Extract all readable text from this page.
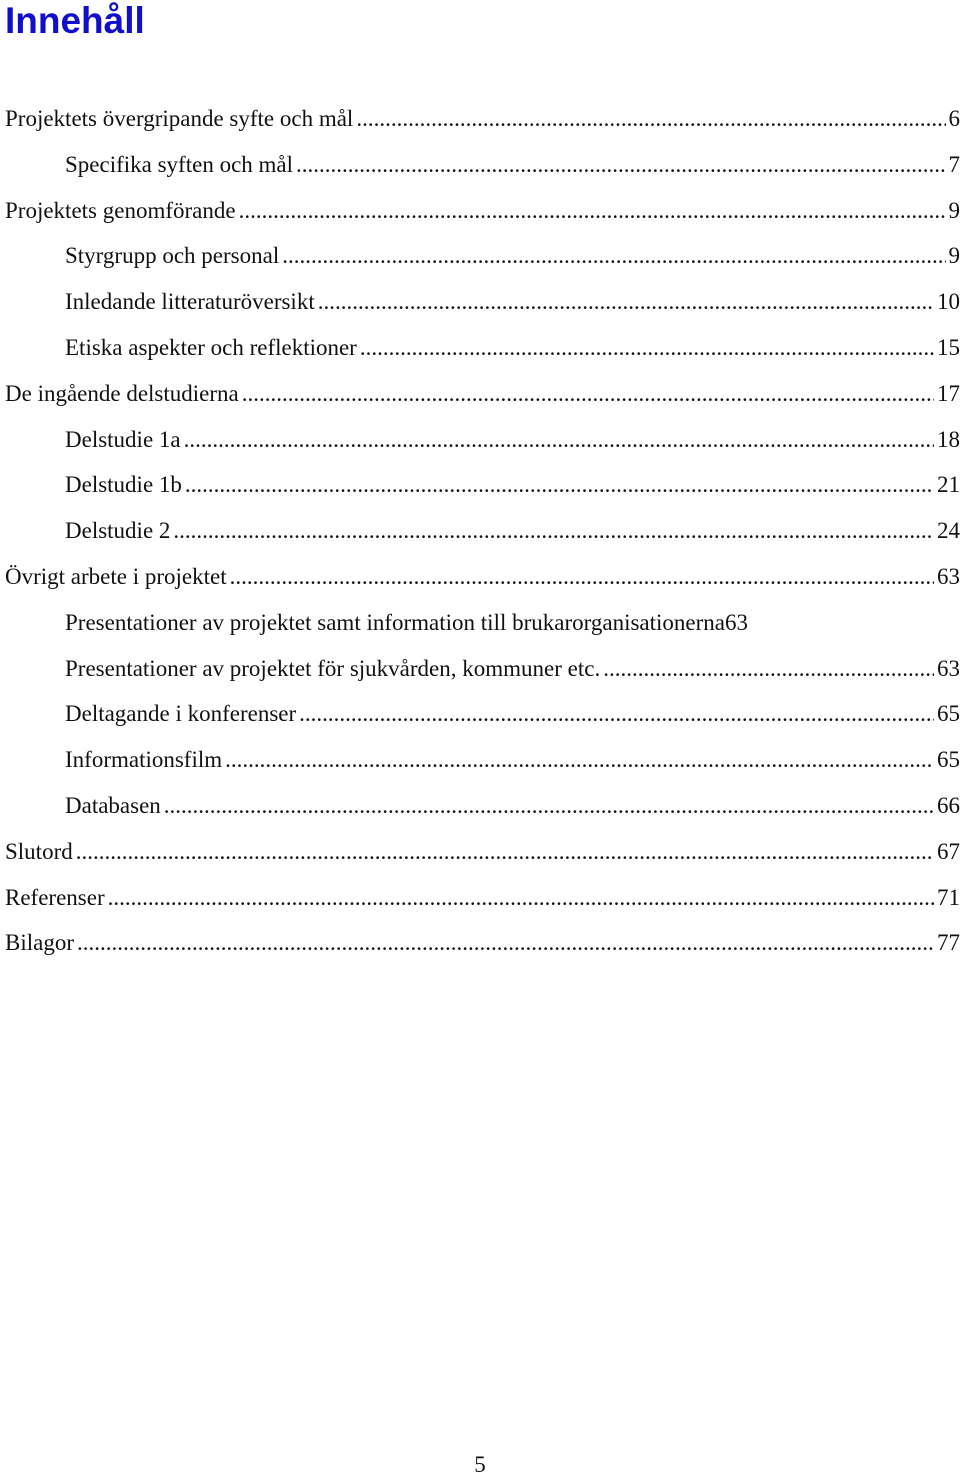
Innehåll
Projektets övergripande syfte och mål .....	6
Specifika syften och mål .....	7
Projektets genomförande .....	9
Styrgrupp och personal .....	9
Inledande litteraturöversikt .....	10
Etiska aspekter och reflektioner .....	15
De ingående delstudierna .....	17
Delstudie 1a .....	18
Delstudie 1b .....	21
Delstudie 2 .....	24
Övrigt arbete i projektet .....	63
Presentationer av projektet samt information till brukarorganisationerna 63
Presentationer av projektet för sjukvården, kommuner etc. .....	63
Deltagande i konferenser .....	65
Informationsfilm .....	65
Databasen .....	66
Slutord .....	67
Referenser .....	71
Bilagor .....	77
5
